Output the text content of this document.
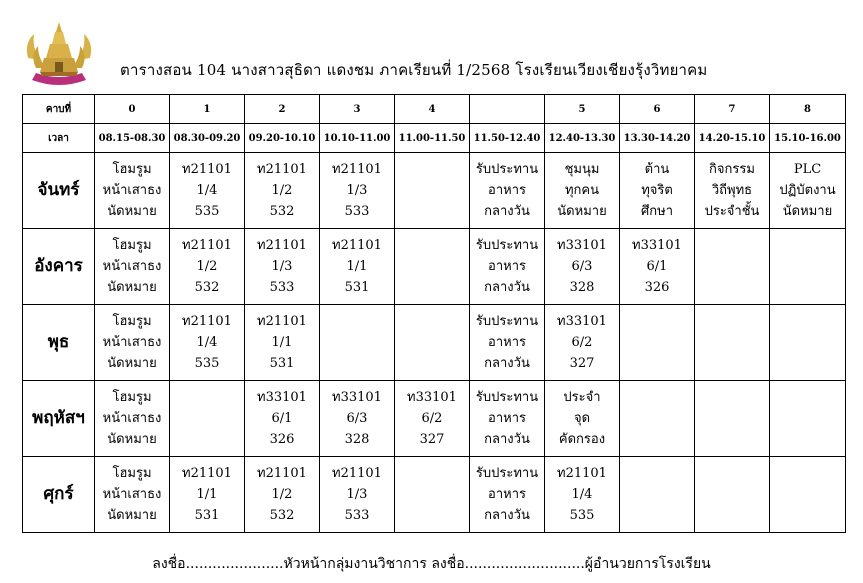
ตารางสอน 104 นางสาวสุธิดา แดงชม ภาคเรียนที่ 1/2568 โรงเรียนเวียงเชียงรุ้งวิทยาคม
คาบที่	0	1	2	3	4		5	6	7	8
เวลา	08.15-08.30	08.30-09.20	09.20-10.10	10.10-11.00	11.00-11.50	11.50-12.40	12.40-13.30	13.30-14.20	14.20-15.10	15.10-16.00
จันทร์	โฮมรูม
หน้าเสาธง
นัดหมาย	ท21101
1/4
535	ท21101
1/2
532	ท21101
1/3
533		รับประทาน
อาหาร
กลางวัน	ชุมนุม
ทุกคน
นัดหมาย	ต้าน
ทุจริต
ศึกษา	กิจกรรม
วิถีพุทธ
ประจำชั้น	PLC
ปฏิบัตงาน
นัดหมาย

อังคาร	โฮมรูม
หน้าเสาธง
นัดหมาย	ท21101
1/2
532	ท21101
1/3
533	ท21101
1/1
531		รับประทาน
อาหาร
กลางวัน	ท33101
6/3
328	ท33101
6/1
326		

พุธ	โฮมรูม
หน้าเสาธง
นัดหมาย	ท21101
1/4
535	ท21101
1/1
531			รับประทาน
อาหาร
กลางวัน	ท33101
6/2
327			

พฤหัสฯ	โฮมรูม
หน้าเสาธง
นัดหมาย		ท33101
6/1
326	ท33101
6/3
328	ท33101
6/2
327	รับประทาน
อาหาร
กลางวัน	ประจำ
จุด
คัดกรอง			

ศุกร์	โฮมรูม
หน้าเสาธง
นัดหมาย	ท21101
1/1
531	ท21101
1/2
532	ท21101
1/3
533		รับประทาน
อาหาร
กลางวัน	ท21101
1/4
535			

ลงชื่อ......................หัวหน้ากลุ่มงานวิชาการ ลงชื่อ...........................ผู้อำนวยการโรงเรียน
